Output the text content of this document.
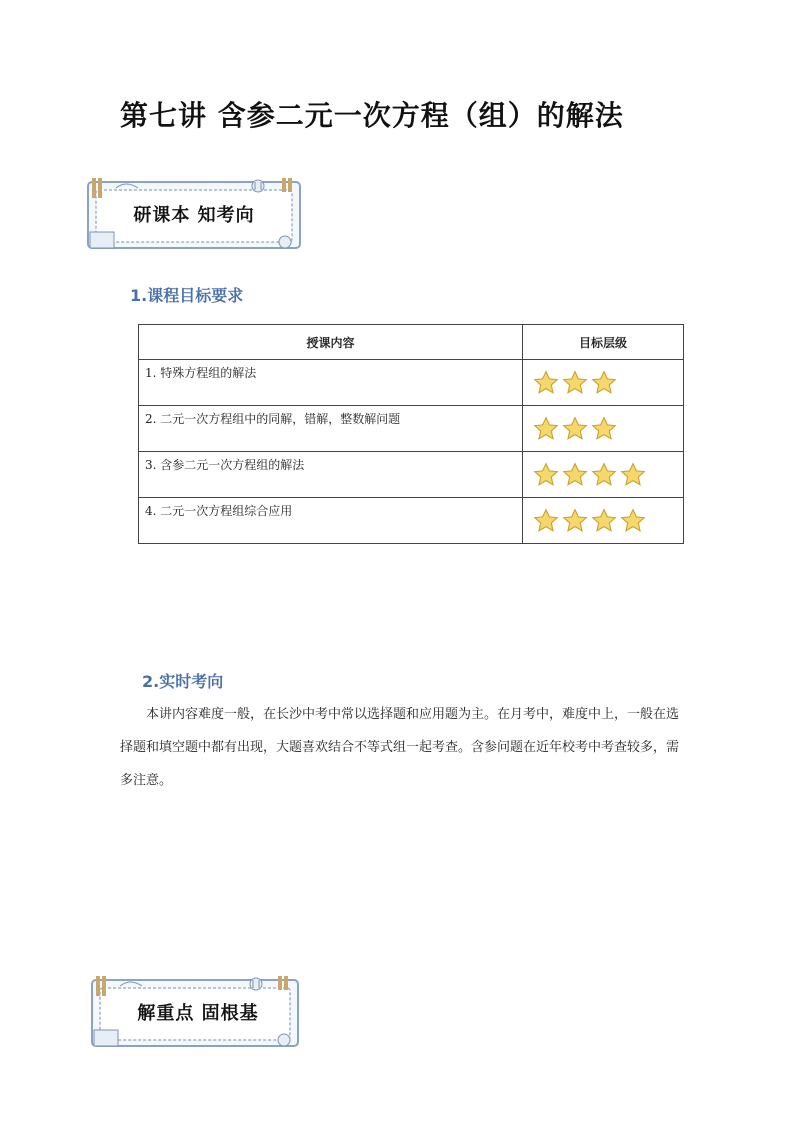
第七讲 含参二元一次方程（组）的解法
研课本 知考向
1.课程目标要求
授课内容	目标层级
1. 特殊方程组的解法	
2. 二元一次方程组中的同解，错解，整数解问题	
3. 含参二元一次方程组的解法	
4. 二元一次方程组综合应用	
2.实时考向

本讲内容难度一般，在长沙中考中常以选择题和应用题为主。在月考中，难度中上，一般在选择题和填空题中都有出现，大题喜欢结合不等式组一起考查。含参问题在近年校考中考查较多，需多注意。

解重点 固根基
